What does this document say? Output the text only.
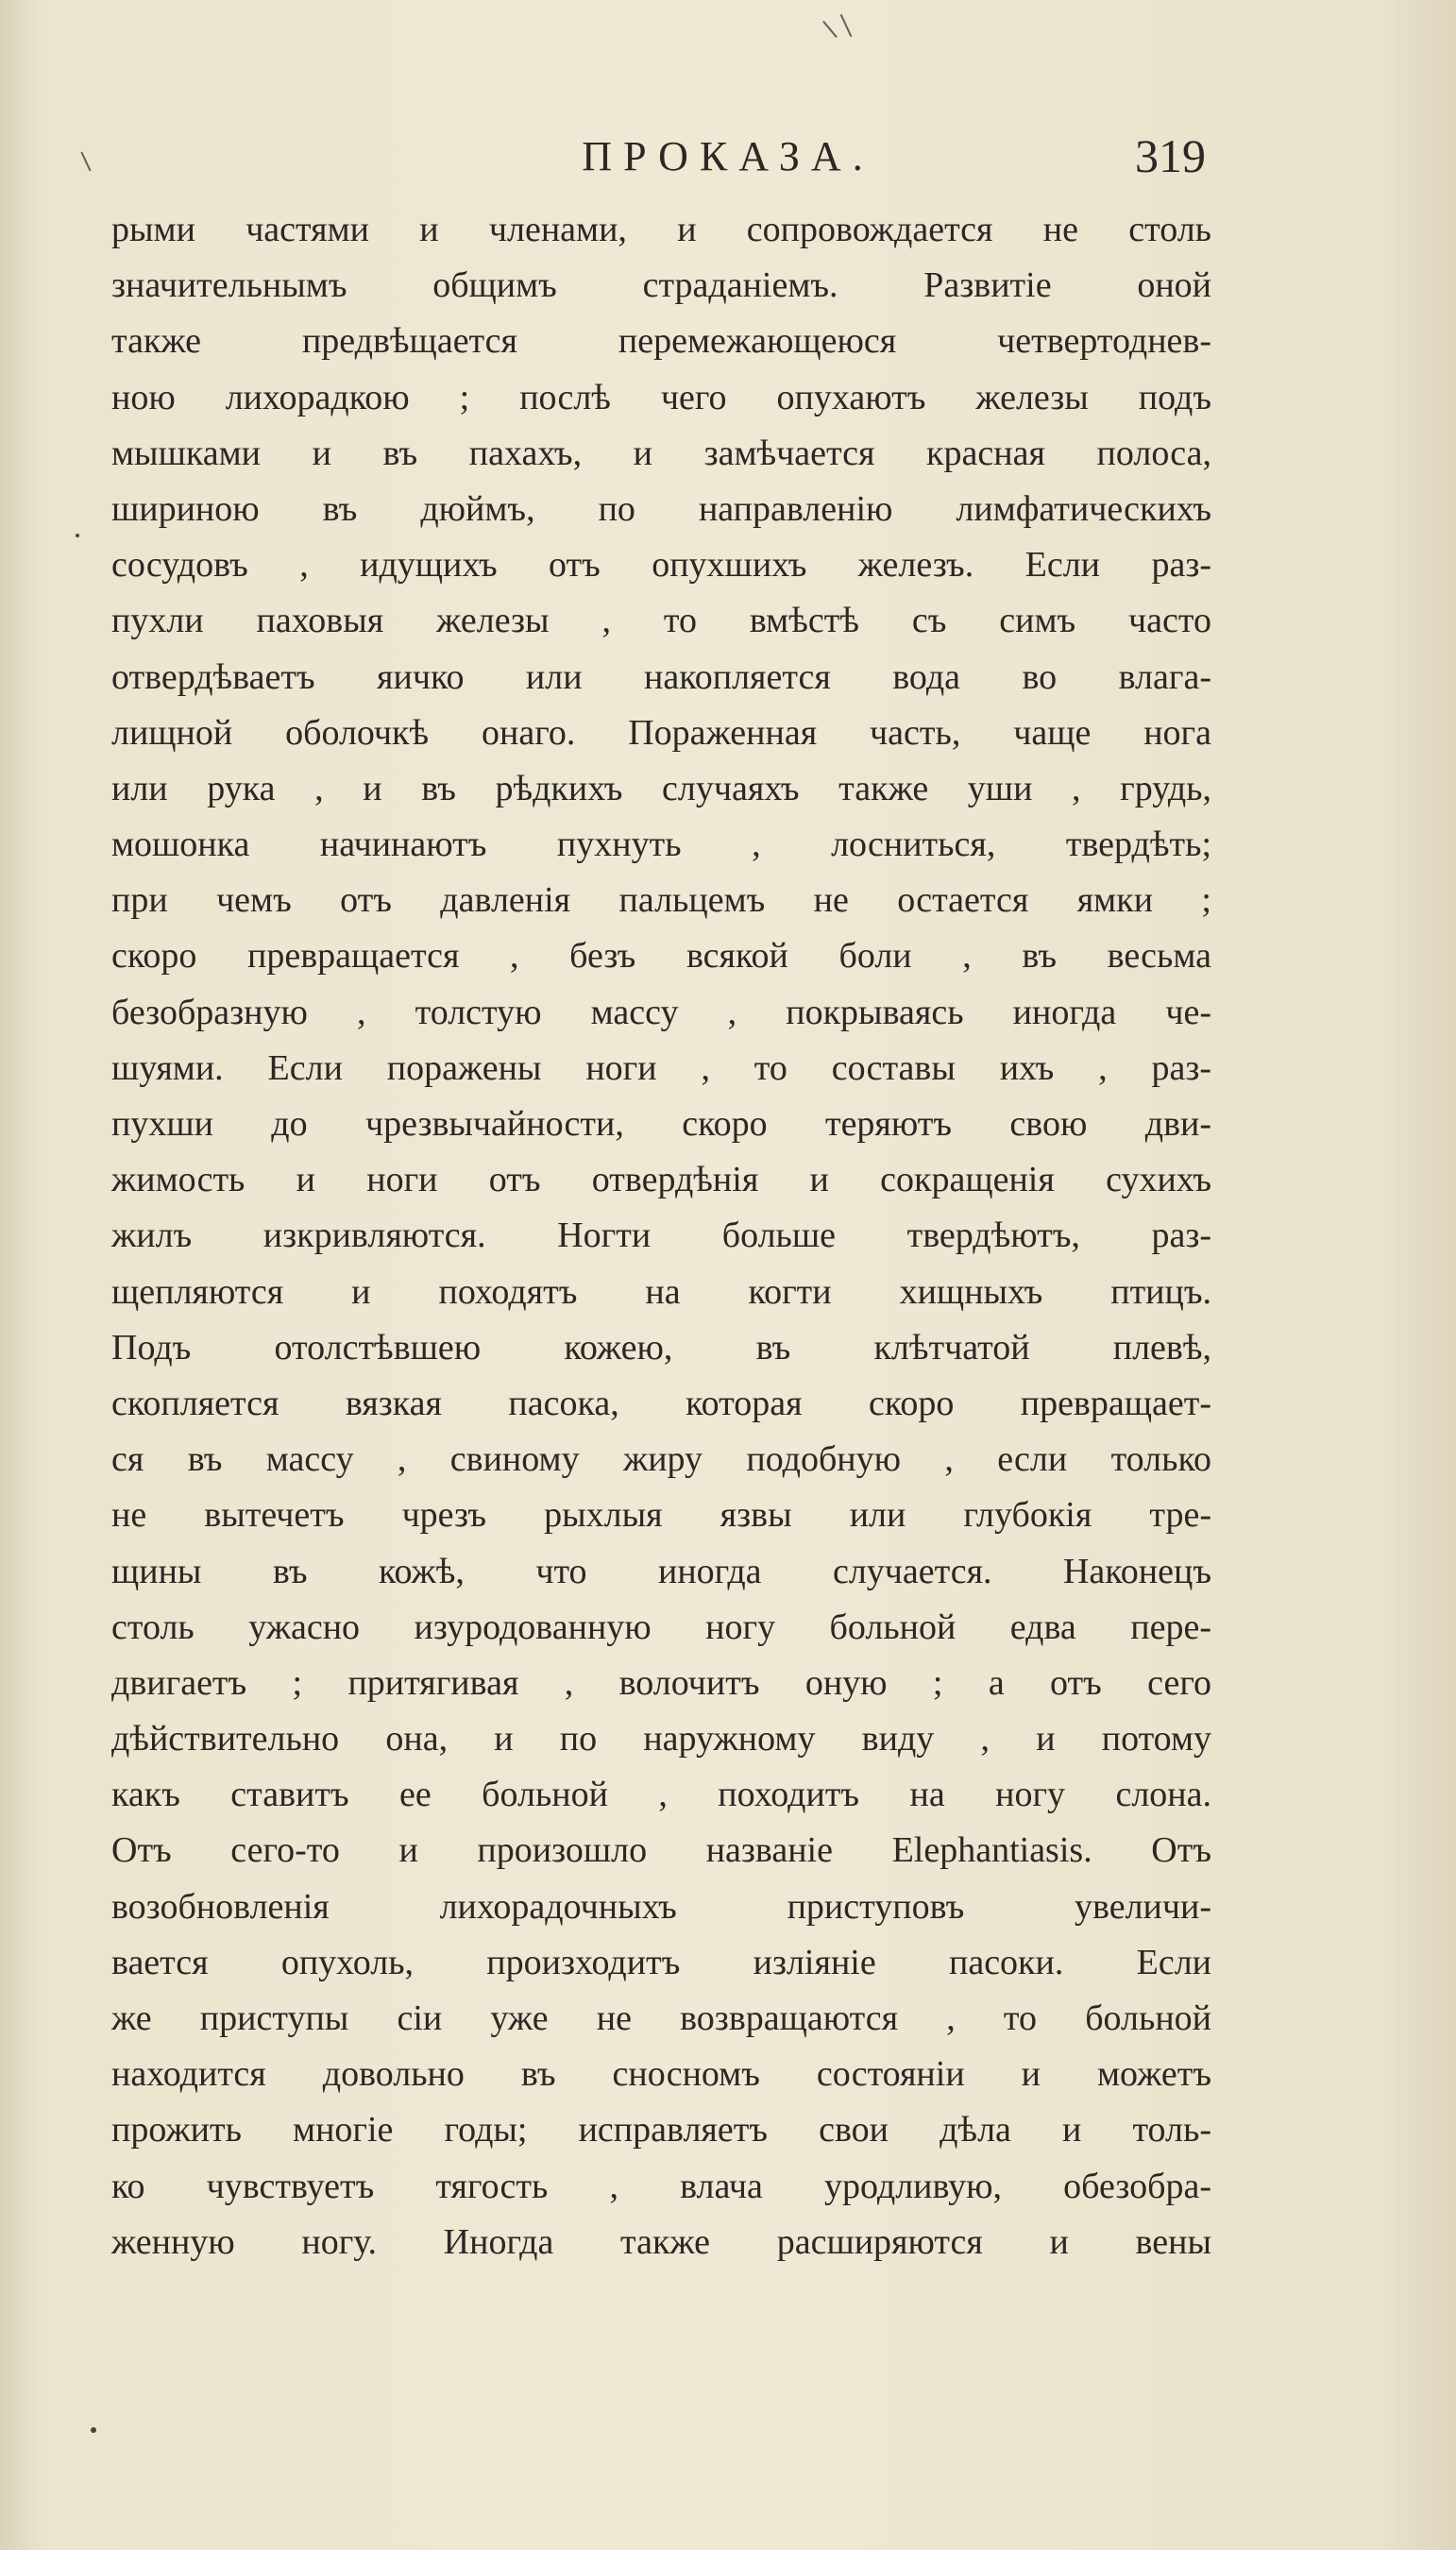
ПРОКАЗА.	319
рыми частями и членами, и сопровождается не столь
значительнымъ общимъ страданіемъ. Развитіе оной
также предвѣщается перемежающеюся четвертоднев-
ною лихорадкою ; послѣ чего опухаютъ железы подъ
мышками и въ пахахъ, и замѣчается красная полоса,
шириною въ дюймъ, по направленію лимфатическихъ
сосудовъ , идущихъ отъ опухшихъ железъ. Если раз-
пухли паховыя железы , то вмѣстѣ съ симъ часто
отвердѣваетъ яичко или накопляется вода во влага-
лищной оболочкѣ онаго. Пораженная часть, чаще нога
или рука , и въ рѣдкихъ случаяхъ также уши , грудь,
мошонка начинаютъ пухнуть , лосниться, твердѣть;
при чемъ отъ давленія пальцемъ не остается ямки ;
скоро превращается , безъ всякой боли , въ весьма
безобразную , толстую массу , покрываясь иногда че-
шуями. Если поражены ноги , то составы ихъ , раз-
пухши до чрезвычайности, скоро теряютъ свою дви-
жимость и ноги отъ отвердѣнія и сокращенія сухихъ
жилъ изкривляются. Ногти больше твердѣютъ, раз-
щепляются и походятъ на когти хищныхъ птицъ.
Подъ отолстѣвшею кожею, въ клѣтчатой плевѣ,
скопляется вязкая пасока, которая скоро превращает-
ся въ массу , свиному жиру подобную , если только
не вытечетъ чрезъ рыхлыя язвы или глубокія тре-
щины въ кожѣ, что иногда случается. Наконецъ
столь ужасно изуродованную ногу больной едва пере-
двигаетъ ; притягивая , волочитъ оную ; а отъ сего
дѣйствительно она, и по наружному виду , и потому
какъ ставитъ ее больной , походитъ на ногу слона.
Отъ сего-то и произошло названіе Elephantiasis. Отъ
возобновленія лихорадочныхъ приступовъ увеличи-
вается опухоль, произходитъ изліяніе пасоки. Если
же приступы сіи уже не возвращаются , то больной
находится довольно въ сносномъ состояніи и можетъ
прожить многіе годы; исправляетъ свои дѣла и толь-
ко чувствуетъ тягость , влача уродливую, обезобра-
женную ногу. Иногда также расширяются и вены
